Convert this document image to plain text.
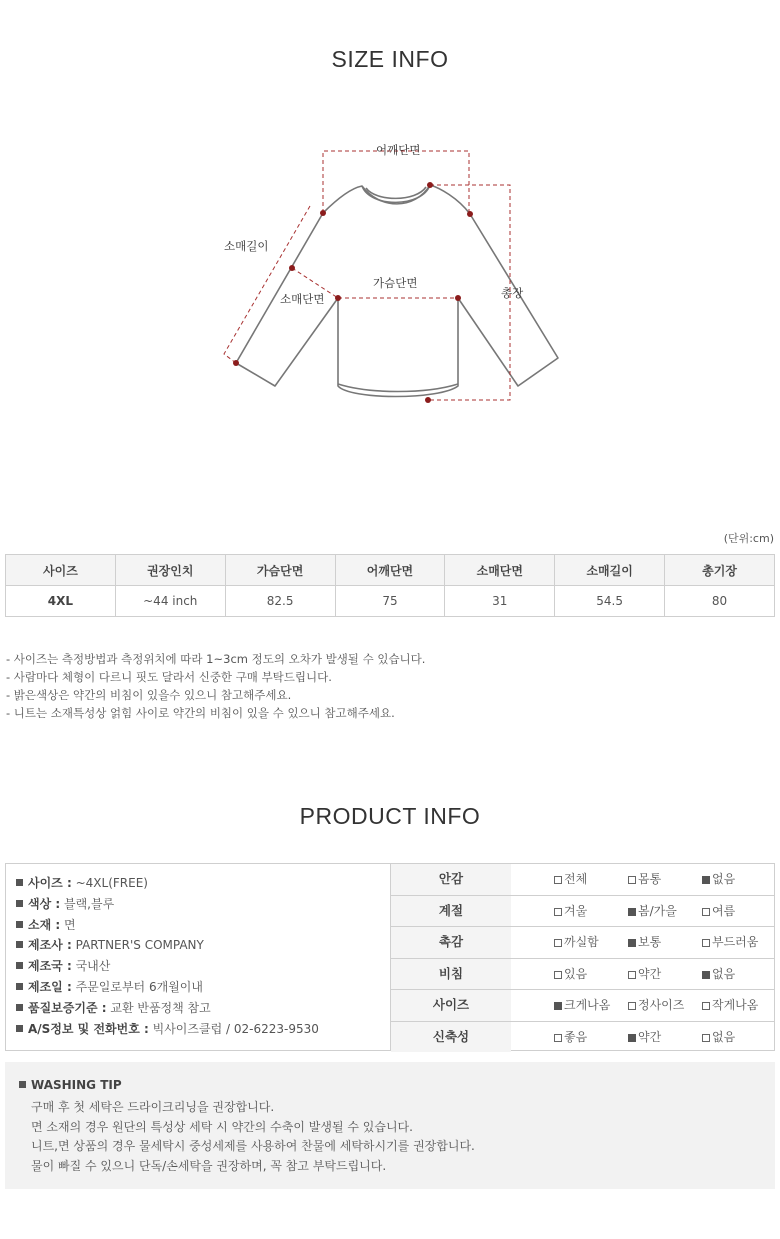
SIZE INFO
어깨단면
소매길이
가슴단면
소매단면	총장
(단위:cm)
사이즈	권장인치	가슴단면	어깨단면	소매단면	소매길이	총기장
4XL	~44 inch	82.5	75	31	54.5	80
- 사이즈는 측정방법과 측정위치에 따라 1~3cm 정도의 오차가 발생될 수 있습니다.
- 사람마다 체형이 다르니 핏도 달라서 신중한 구매 부탁드립니다.
- 밝은색상은 약간의 비침이 있을수 있으니 참고해주세요.
- 니트는 소재특성상 얽힘 사이로 약간의 비침이 있을 수 있으니 참고해주세요.
PRODUCT INFO
사이즈 : ~4XL(FREE)
색상 : 블랙,블루
소재 : 면
제조사 : PARTNER'S COMPANY
제조국 : 국내산
제조일 : 주문일로부터 6개월이내
품질보증기준 : 교환 반품정책 참고
A/S정보 및 전화번호 : 빅사이즈클럽 / 02-6223-9530
안감	전체	몸통	없음
계절	겨울	봄/가을	여름
촉감	까실함	보통	부드러움
비침	있음	약간	없음
사이즈	크게나옴	정사이즈	작게나옴
신축성	좋음	약간	없음
WASHING TIP
구매 후 첫 세탁은 드라이크리닝을 권장합니다.
면 소재의 경우 원단의 특성상 세탁 시 약간의 수축이 발생될 수 있습니다.
니트,면 상품의 경우 물세탁시 중성세제를 사용하여 찬물에 세탁하시기를 권장합니다.
물이 빠질 수 있으니 단독/손세탁을 권장하며, 꼭 참고 부탁드립니다.
